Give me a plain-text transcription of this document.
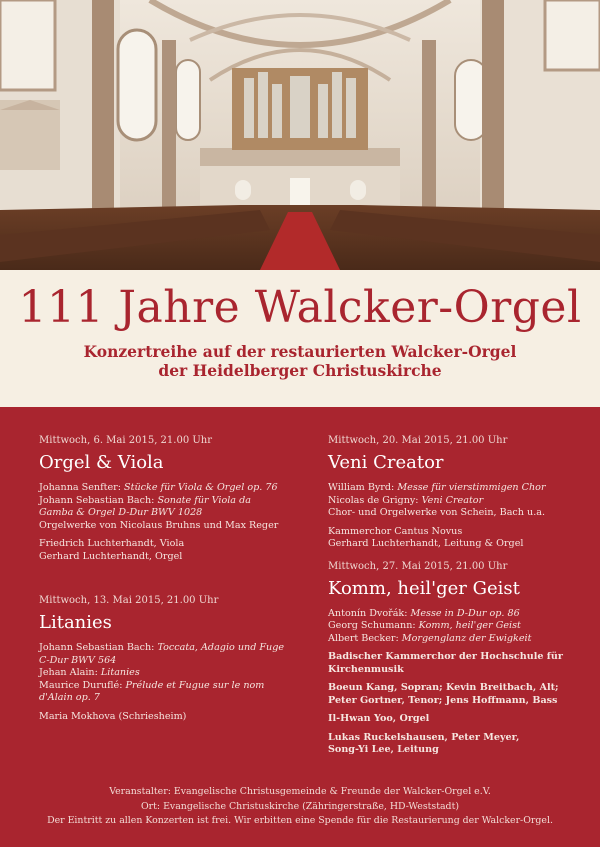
111 Jahre Walcker-Orgel
Konzertreihe auf der restaurierten Walcker-Orgel
der Heidelberger Christuskirche
Mittwoch, 6. Mai 2015, 21.00 Uhr
Orgel & Viola
Johanna Senfter: Stücke für Viola & Orgel op. 76
Johann Sebastian Bach: Sonate für Viola da
Gamba & Orgel D-Dur BWV 1028
Orgelwerke von Nicolaus Bruhns und Max Reger
Friedrich Luchterhandt, Viola
Gerhard Luchterhandt, Orgel
Mittwoch, 13. Mai 2015, 21.00 Uhr
Litanies
Johann Sebastian Bach: Toccata, Adagio und Fuge
C-Dur BWV 564
Jehan Alain: Litanies
Maurice Duruflé: Prélude et Fugue sur le nom
d'Alain op. 7
Maria Mokhova (Schriesheim)
Mittwoch, 20. Mai 2015, 21.00 Uhr
Veni Creator
William Byrd: Messe für vierstimmigen Chor
Nicolas de Grigny: Veni Creator
Chor- und Orgelwerke von Schein, Bach u.a.
Kammerchor Cantus Novus
Gerhard Luchterhandt, Leitung & Orgel
Mittwoch, 27. Mai 2015, 21.00 Uhr
Komm, heil'ger Geist
Antonín Dvořák: Messe in D-Dur op. 86
Georg Schumann: Komm, heil'ger Geist
Albert Becker: Morgenglanz der Ewigkeit
Badischer Kammerchor der Hochschule für
Kirchenmusik
Boeun Kang, Sopran; Kevin Breitbach, Alt;
Peter Gortner, Tenor; Jens Hoffmann, Bass
Il-Hwan Yoo, Orgel
Lukas Ruckelshausen, Peter Meyer,
Song-Yi Lee, Leitung
Veranstalter: Evangelische Christusgemeinde & Freunde der Walcker-Orgel e.V.
Ort: Evangelische Christuskirche (Zähringerstraße, HD-Weststadt)
Der Eintritt zu allen Konzerten ist frei. Wir erbitten eine Spende für die Restaurierung der Walcker-Orgel.
